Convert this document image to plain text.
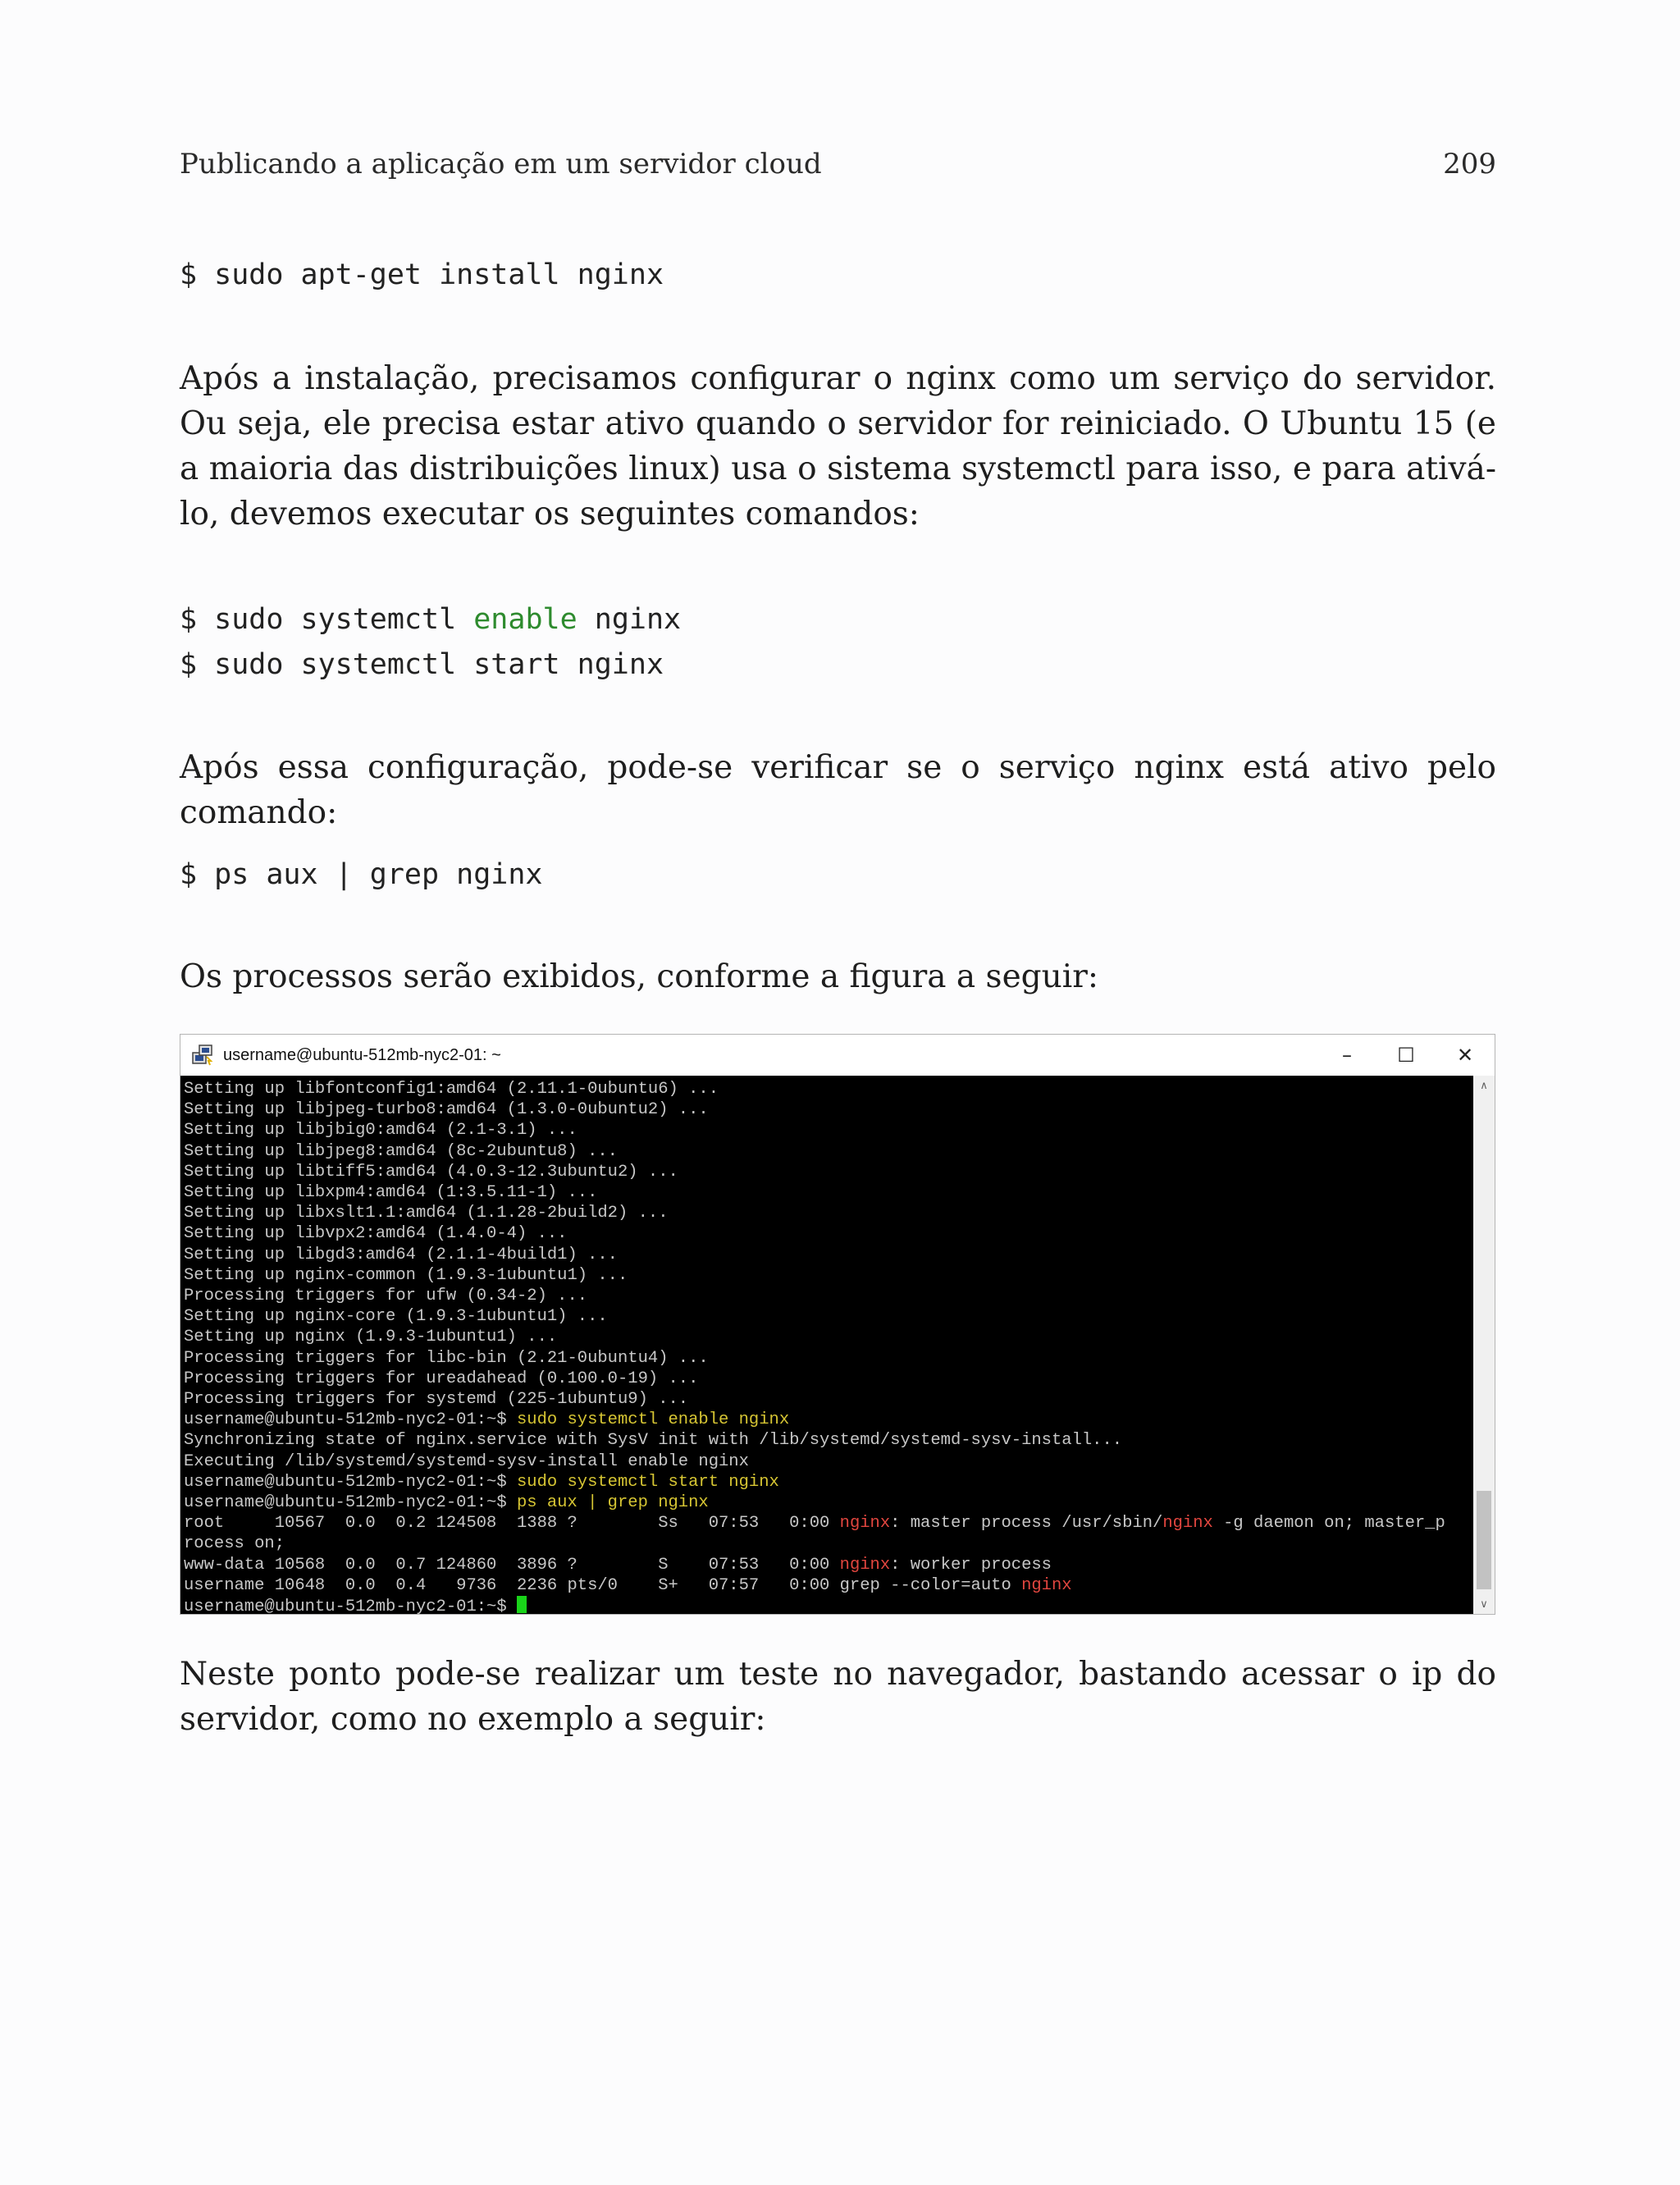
Publicando a aplicação em um servidor cloud	209
$ sudo apt-get install nginx

Após a instalação, precisamos configurar o nginx como um serviço do servidor. Ou seja, ele precisa estar ativo quando o servidor for reiniciado. O Ubuntu 15 (e a maioria das distribuições linux) usa o sistema systemctl para isso, e para ativá-lo, devemos executar os seguintes comandos:

$ sudo systemctl enable nginx
$ sudo systemctl start nginx

Após essa configuração, pode-se verificar se o serviço nginx está ativo pelo comando:

$ ps aux | grep nginx

Os processos serão exibidos, conforme a figura a seguir:

username@ubuntu-512mb-nyc2-01: ~	–	☐	✕
Setting up libfontconfig1:amd64 (2.11.1-0ubuntu6) ...
Setting up libjpeg-turbo8:amd64 (1.3.0-0ubuntu2) ...
Setting up libjbig0:amd64 (2.1-3.1) ...
Setting up libjpeg8:amd64 (8c-2ubuntu8) ...
Setting up libtiff5:amd64 (4.0.3-12.3ubuntu2) ...
Setting up libxpm4:amd64 (1:3.5.11-1) ...
Setting up libxslt1.1:amd64 (1.1.28-2build2) ...
Setting up libvpx2:amd64 (1.4.0-4) ...
Setting up libgd3:amd64 (2.1.1-4build1) ...
Setting up nginx-common (1.9.3-1ubuntu1) ...
Processing triggers for ufw (0.34-2) ...
Setting up nginx-core (1.9.3-1ubuntu1) ...
Setting up nginx (1.9.3-1ubuntu1) ...
Processing triggers for libc-bin (2.21-0ubuntu4) ...
Processing triggers for ureadahead (0.100.0-19) ...
Processing triggers for systemd (225-1ubuntu9) ...
username@ubuntu-512mb-nyc2-01:~$ sudo systemctl enable nginx
Synchronizing state of nginx.service with SysV init with /lib/systemd/systemd-sysv-install...
Executing /lib/systemd/systemd-sysv-install enable nginx
username@ubuntu-512mb-nyc2-01:~$ sudo systemctl start nginx
username@ubuntu-512mb-nyc2-01:~$ ps aux | grep nginx
root     10567  0.0  0.2 124508  1388 ?        Ss   07:53   0:00 nginx: master process /usr/sbin/nginx -g daemon on; master_p
rocess on;
www-data 10568  0.0  0.7 124860  3896 ?        S    07:53   0:00 nginx: worker process
username 10648  0.0  0.4   9736  2236 pts/0    S+   07:57   0:00 grep --color=auto nginx
username@ubuntu-512mb-nyc2-01:~$
∧
∨

Neste ponto pode-se realizar um teste no navegador, bastando acessar o ip do servidor, como no exemplo a seguir:
